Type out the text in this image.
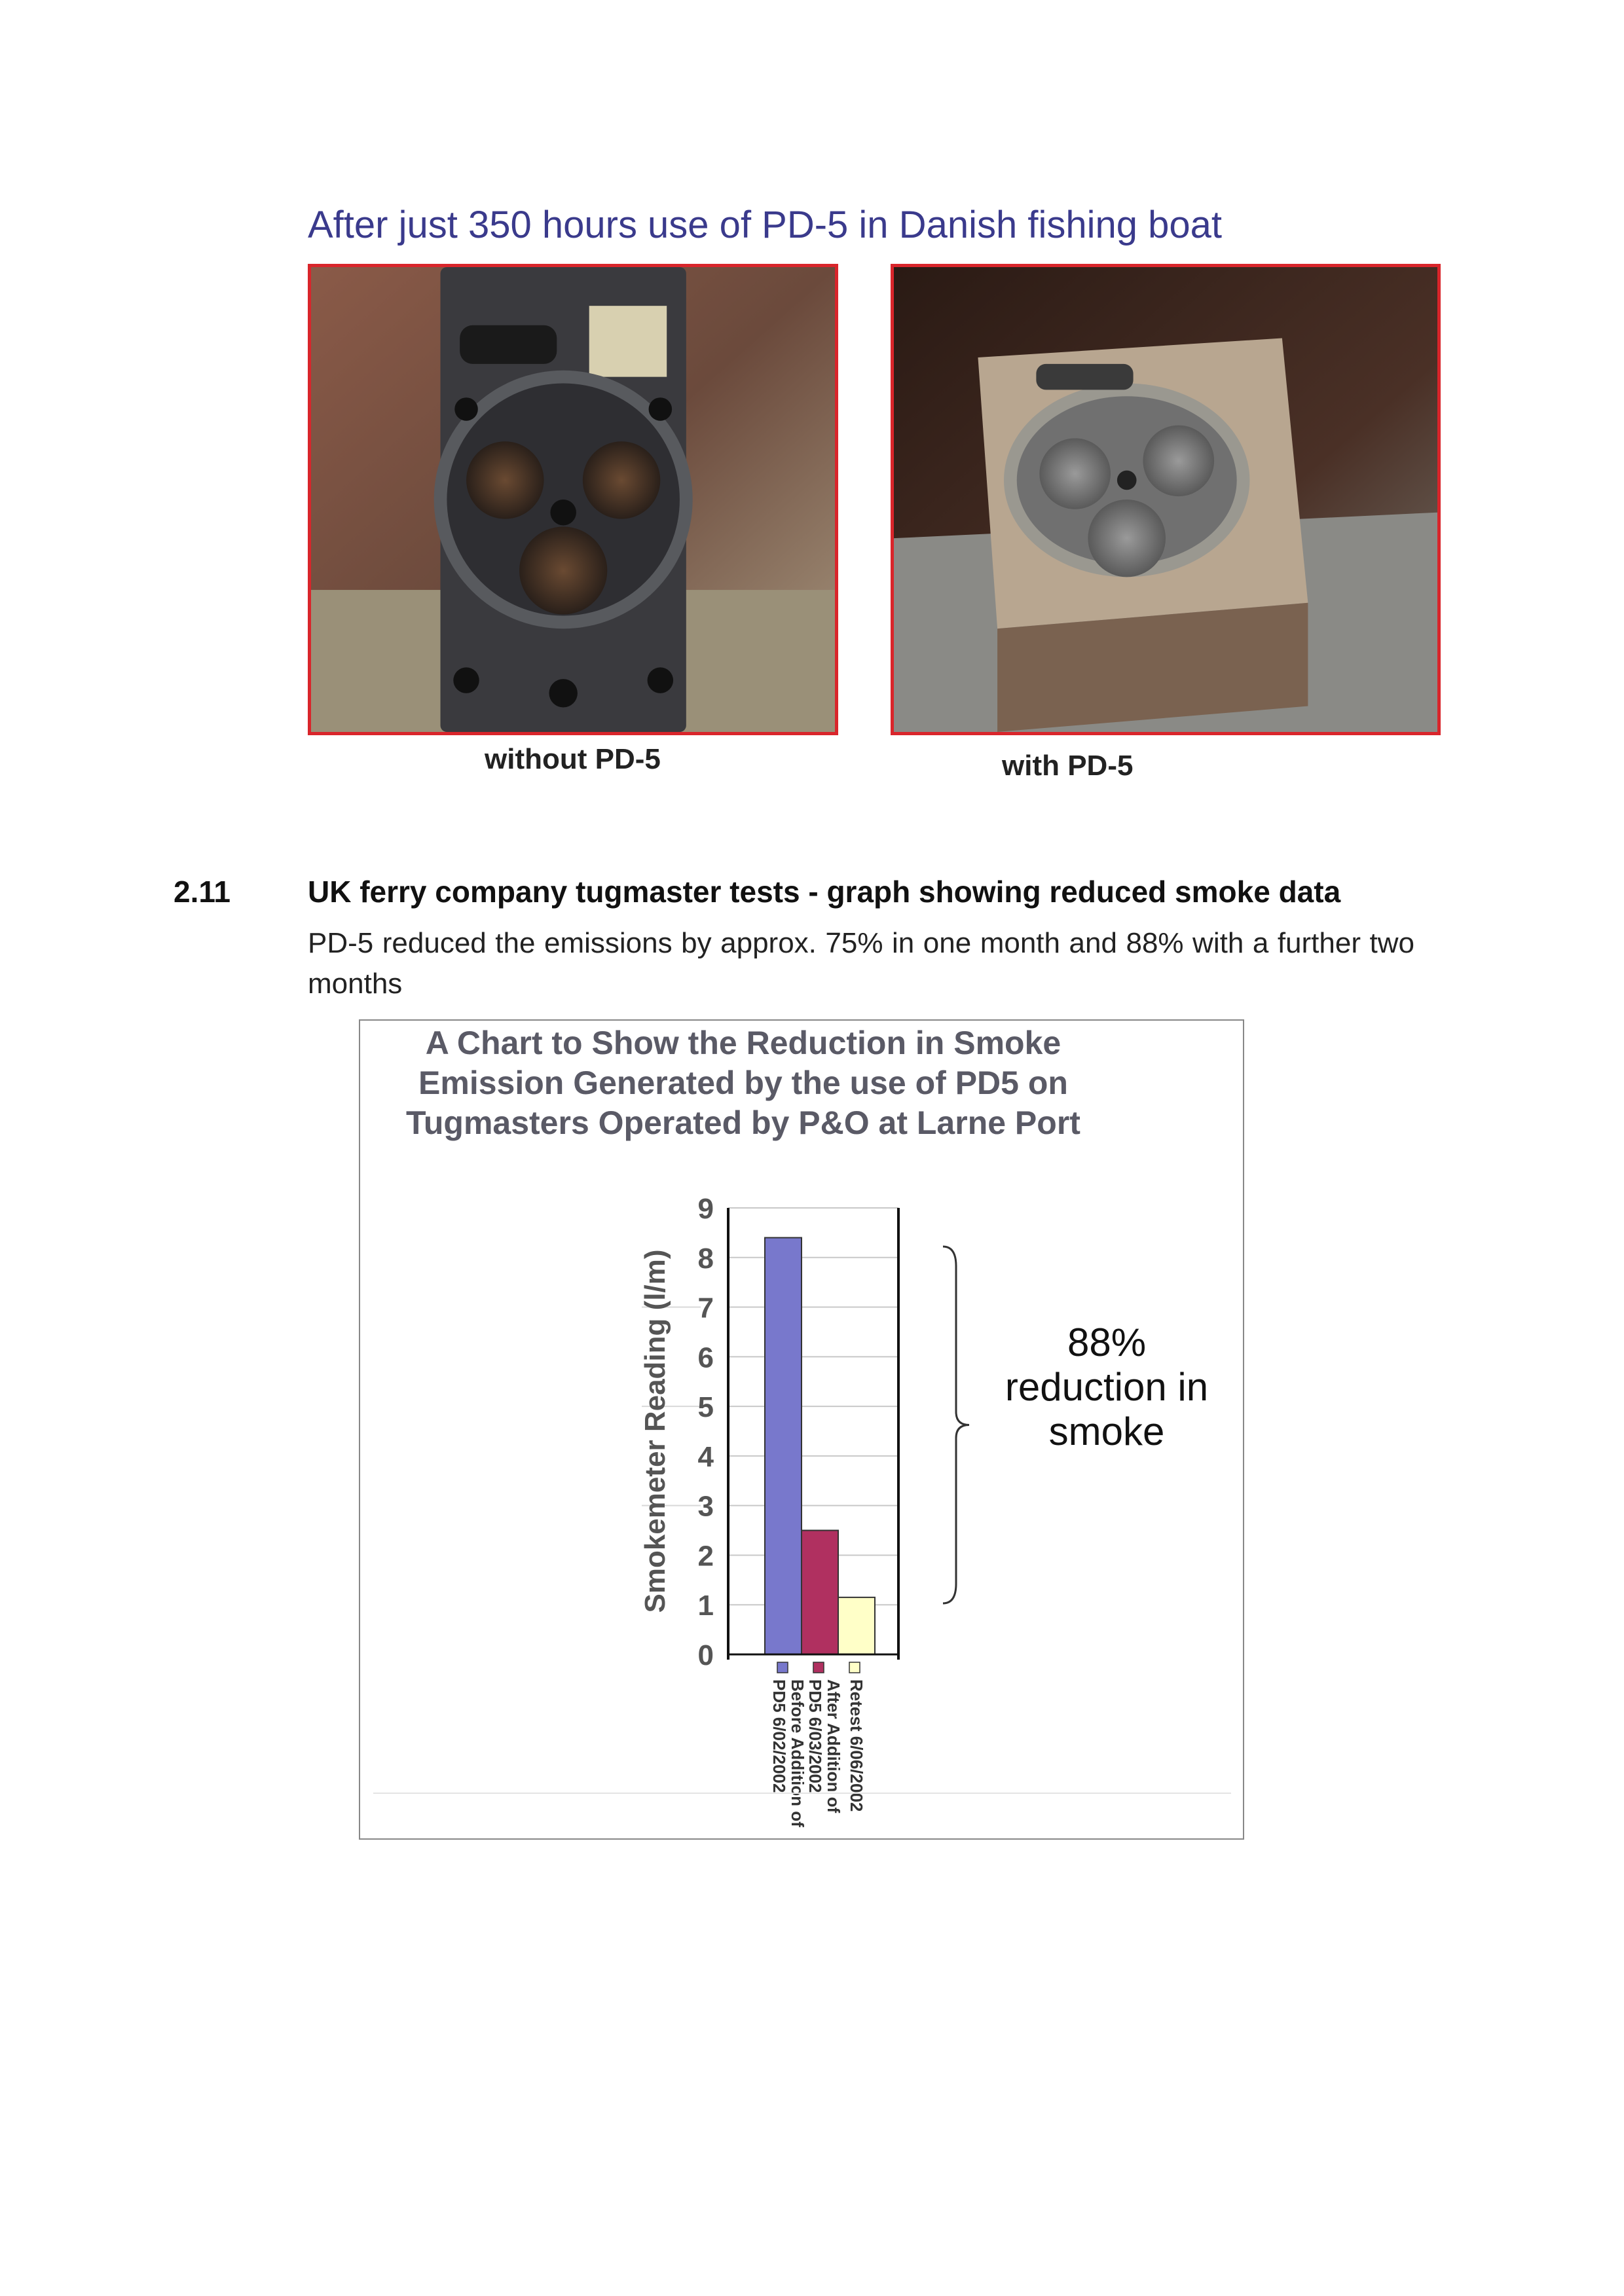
After just 350 hours use of PD-5 in Danish fishing boat
without PD-5	with PD-5
2.11	UK ferry company tugmaster tests - graph showing reduced smoke data
PD-5 reduced the emissions by approx. 75% in one month and 88% with a further two months
A Chart to Show the Reduction in Smoke
Emission Generated by the use of PD5 on
Tugmasters Operated by P&O at Larne Port
0
1
2
3
4
5
6
7
8
9
Smokemeter Reading (l/m)
Before Addition of
PD5 6/02/2002 After Addition of
PD5 6/03/2002 Retest 6/06/2002
88%
reduction in
smoke
